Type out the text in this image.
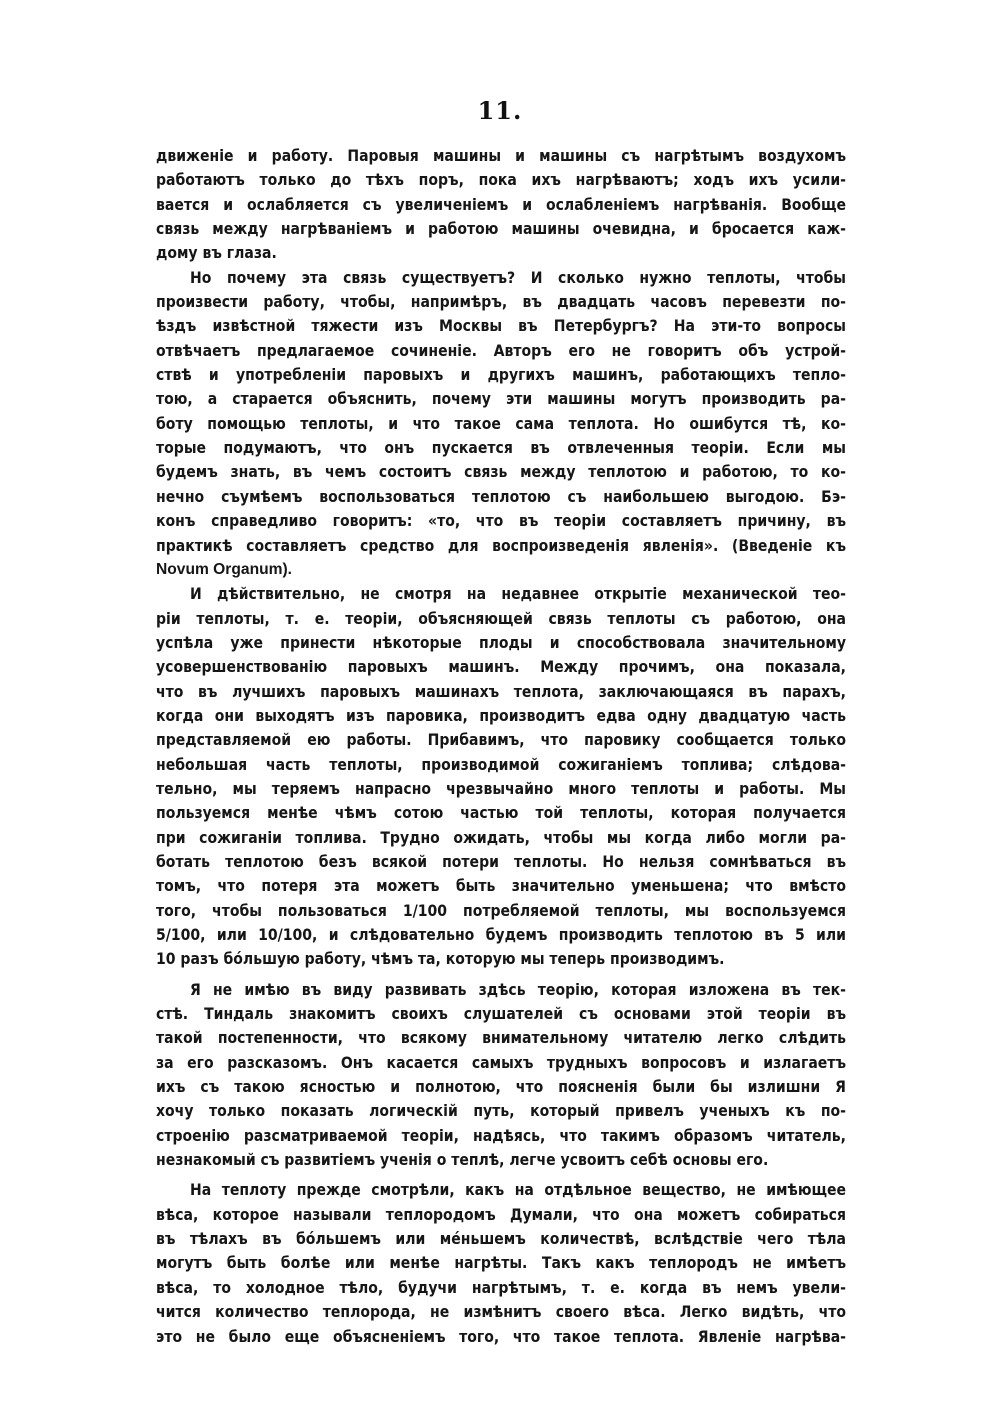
11.
движенie и работу. Паровыя машины и машины съ нагрѣтымъ воздухомъ
работаютъ только до тѣхъ поръ, пока ихъ нагрѣваютъ; ходъ ихъ усили-
вается и ослабляется съ увеличенiемъ и ослабленiемъ нагрѣванiя. Вообще
связь между нагрѣванiемъ и работою машины очевидна, и бросается каж-
дому въ глаза.
Но почему эта связь существуетъ? И сколько нужно теплоты, чтобы
произвести работу, чтобы, напримѣръ, въ двадцать часовъ перевезти по-
ѣздъ извѣстной тяжести изъ Москвы въ Петербургъ? На эти-то вопросы
отвѣчаетъ предлагаемое сочиненie. Авторъ его не говоритъ объ устрой-
ствѣ и употребленiи паровыхъ и другихъ машинъ, работающихъ тепло-
тою, а старается объяснить, почему эти машины могутъ производить ра-
боту помощью теплоты, и что такое сама теплота. Но ошибутся тѣ, ко-
торые подумаютъ, что онъ пускается въ отвлеченныя теорiи. Если мы
будемъ знать, въ чемъ состоитъ связь между теплотою и работою, то ко-
нечно съумѣемъ воспользоваться теплотою съ наибольшею выгодою. Бэ-
конъ справедливо говоритъ: «то, что въ теорiи составляетъ причину, въ
практикѣ составляетъ средство для воспроизведенiя явленiя». (Введенie къ
Novum Organum).
И дѣйствительно, не смотря на недавнее открытiе механической тео-
рiи теплоты, т. е. теорiи, объясняющей связь теплоты съ работою, она
успѣла уже принести нѣкоторые плоды и способствовала значительному
усовершенствованiю паровыхъ машинъ. Между прочимъ, она показала,
что въ лучшихъ паровыхъ машинахъ теплота, заключающаяся въ парахъ,
когда они выходятъ изъ паровика, производитъ едва одну двадцатую часть
представляемой ею работы. Прибавимъ, что паровику сообщается только
небольшая часть теплоты, производимой сожиганiемъ топлива; слѣдова-
тельно, мы теряемъ напрасно чрезвычайно много теплоты и работы. Мы
пользуемся менѣе чѣмъ сотою частью той теплоты, которая получается
при сожиганiи топлива. Трудно ожидать, чтобы мы когда либо могли ра-
ботать теплотою безъ всякой потери теплоты. Но нельзя сомнѣваться въ
томъ, что потеря эта можетъ быть значительно уменьшена; что вмѣсто
того, чтобы пользоваться 1/100 потребляемой теплоты, мы воспользуемся
5/100, или 10/100, и слѣдовательно будемъ производить теплотою въ 5 или
10 разъ бóльшую работу, чѣмъ та, которую мы теперь производимъ.
Я не имѣю въ виду развивать здѣсь теорiю, которая изложена въ тек-
стѣ. Тиндаль знакомитъ своихъ слушателей съ основами этой теорiи въ
такой постепенности, что всякому внимательному читателю легко слѣдить
за его разсказомъ. Онъ касается самыхъ трудныхъ вопросовъ и излагаетъ
ихъ съ такою ясностью и полнотою, что поясненiя были бы излишни Я
хочу только показать логическiй путь, который привелъ ученыхъ къ по-
строенiю разсматриваемой теорiи, надѣясь, что такимъ образомъ читатель,
незнакомый съ развитiемъ ученiя о теплѣ, легче усвоитъ себѣ основы его.
На теплоту прежде смотрѣли, какъ на отдѣльное вещество, не имѣющее
вѣса, которое называли теплородомъ Думали, что она можетъ собираться
въ тѣлахъ въ бóльшемъ или мéньшемъ количествѣ, вслѣдствiе чего тѣла
могутъ быть болѣе или менѣе нагрѣты. Такъ какъ теплородъ не имѣетъ
вѣса, то холодное тѣло, будучи нагрѣтымъ, т. е. когда въ немъ увели-
чится количество теплорода, не измѣнитъ своего вѣса. Легко видѣть, что
это не было еще объясненiемъ того, что такое теплота. Явленie нагрѣва-
